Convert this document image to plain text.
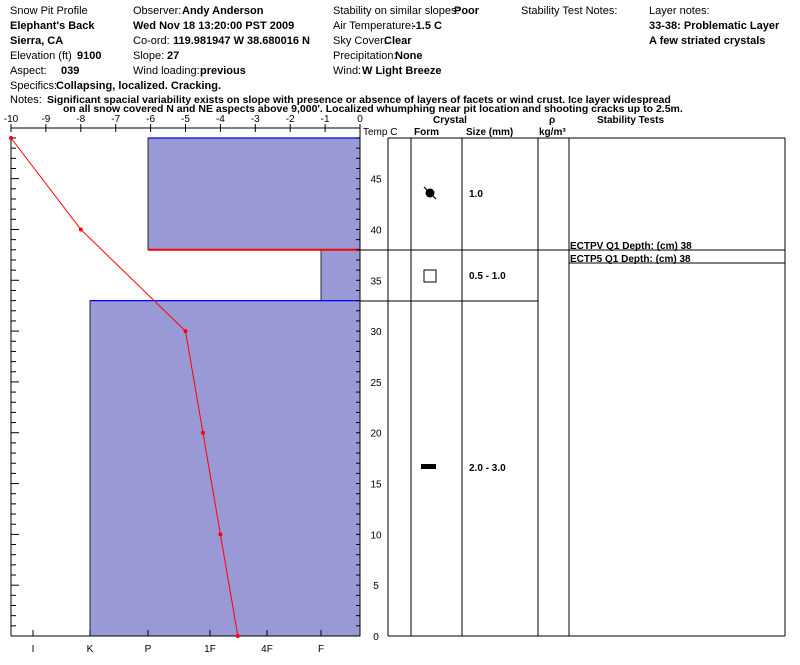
Snow Pit Profile
Elephant's Back
Sierra, CA
Elevation (ft) 9100
Aspect: 039
Specifics:
Collapsing, localized. Cracking.
Observer: Andy Anderson
Wed Nov 18 13:20:00 PST 2009
Co-ord: 119.981947 W 38.680016 N
Slope: 27
Wind loading: previous
Stability on similar slopes:
Poor
Air Temperature:
-1.5 C
Sky Cover:
Clear
Precipitation:
None
Wind: W Light Breeze
Stability Test Notes:	Layer notes:
33-38: Problematic Layer
A few striated crystals
Notes: Significant spacial variability exists on slope with presence or absence of layers of facets or wind crust. Ice layer widespread
on all snow covered N and NE aspects above 9,000'. Localized whumphing near pit location and shooting cracks up to 2.5m.
Temp C
Crystal
Form	Size (mm)
ρ
kg/m³
Stability Tests
1.0
0.5 - 1.0
2.0 - 3.0
ECTPV Q1 Depth: (cm) 38
ECTP5 Q1 Depth: (cm) 38
-10 -9	-8	-7	-6	-5	-4	-3	-2	-1	0
0
5
10
15
20
25
30
35
40
45
I	K	P	1F	4F	F
